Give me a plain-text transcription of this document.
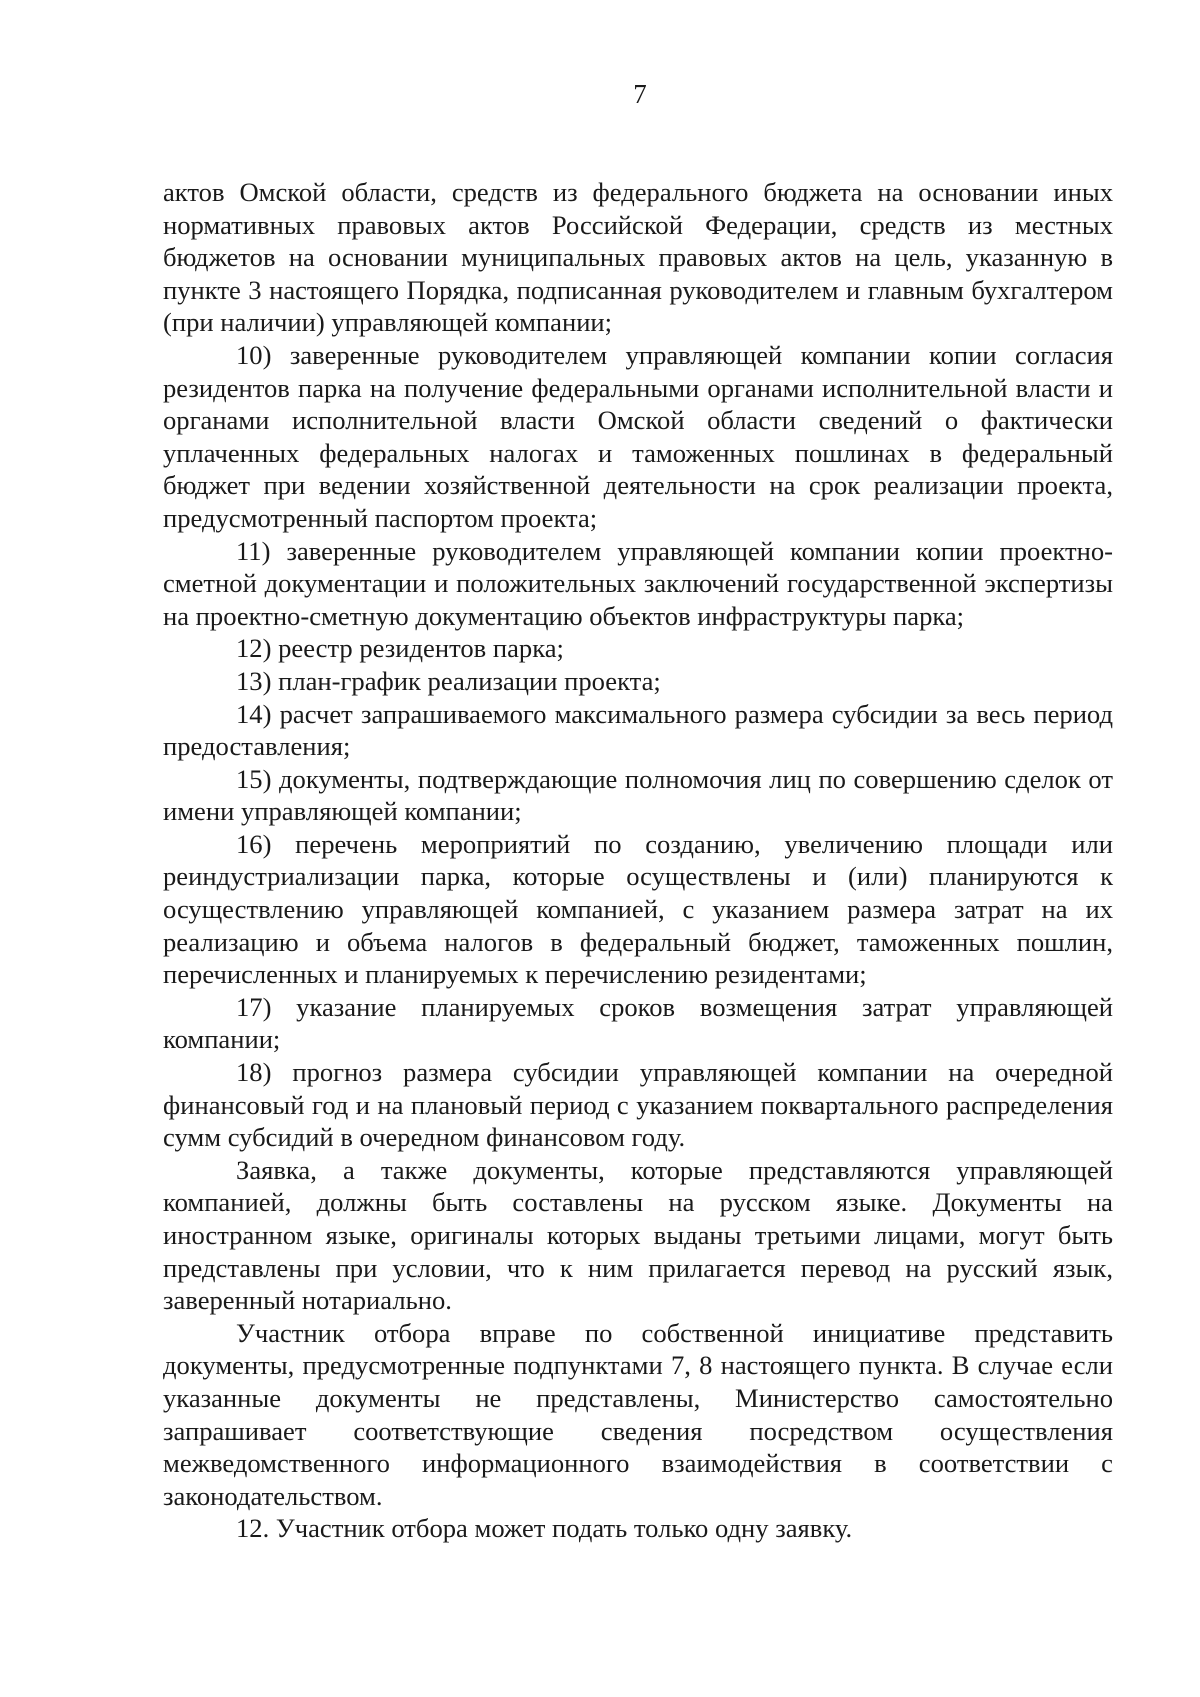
7

актов Омской области, средств из федерального бюджета на основании иных нормативных правовых актов Российской Федерации, средств из местных бюджетов на основании муниципальных правовых актов на цель, указанную в пункте 3 настоящего Порядка, подписанная руководителем и главным бухгалтером (при наличии) управляющей компании;

10) заверенные руководителем управляющей компании копии согласия резидентов парка на получение федеральными органами исполнительной власти и органами исполнительной власти Омской области сведений о фактически уплаченных федеральных налогах и таможенных пошлинах в федеральный бюджет при ведении хозяйственной деятельности на срок реализации проекта, предусмотренный паспортом проекта;

11) заверенные руководителем управляющей компании копии проектно-сметной документации и положительных заключений государственной экспертизы на проектно-сметную документацию объектов инфраструктуры парка;

12) реестр резидентов парка;

13) план-график реализации проекта;

14) расчет запрашиваемого максимального размера субсидии за весь период предоставления;

15) документы, подтверждающие полномочия лиц по совершению сделок от имени управляющей компании;

16) перечень мероприятий по созданию, увеличению площади или реиндустриализации парка, которые осуществлены и (или) планируются к осуществлению управляющей компанией, с указанием размера затрат на их реализацию и объема налогов в федеральный бюджет, таможенных пошлин, перечисленных и планируемых к перечислению резидентами;

17) указание планируемых сроков возмещения затрат управляющей компании;

18) прогноз размера субсидии управляющей компании на очередной финансовый год и на плановый период с указанием поквартального распределения сумм субсидий в очередном финансовом году.

Заявка, а также документы, которые представляются управляющей компанией, должны быть составлены на русском языке. Документы на иностранном языке, оригиналы которых выданы третьими лицами, могут быть представлены при условии, что к ним прилагается перевод на русский язык, заверенный нотариально.

Участник отбора вправе по собственной инициативе представить документы, предусмотренные подпунктами 7, 8 настоящего пункта. В случае если указанные документы не представлены, Министерство самостоятельно запрашивает соответствующие сведения посредством осуществления межведомственного информационного взаимодействия в соответствии с законодательством.

12. Участник отбора может подать только одну заявку.
